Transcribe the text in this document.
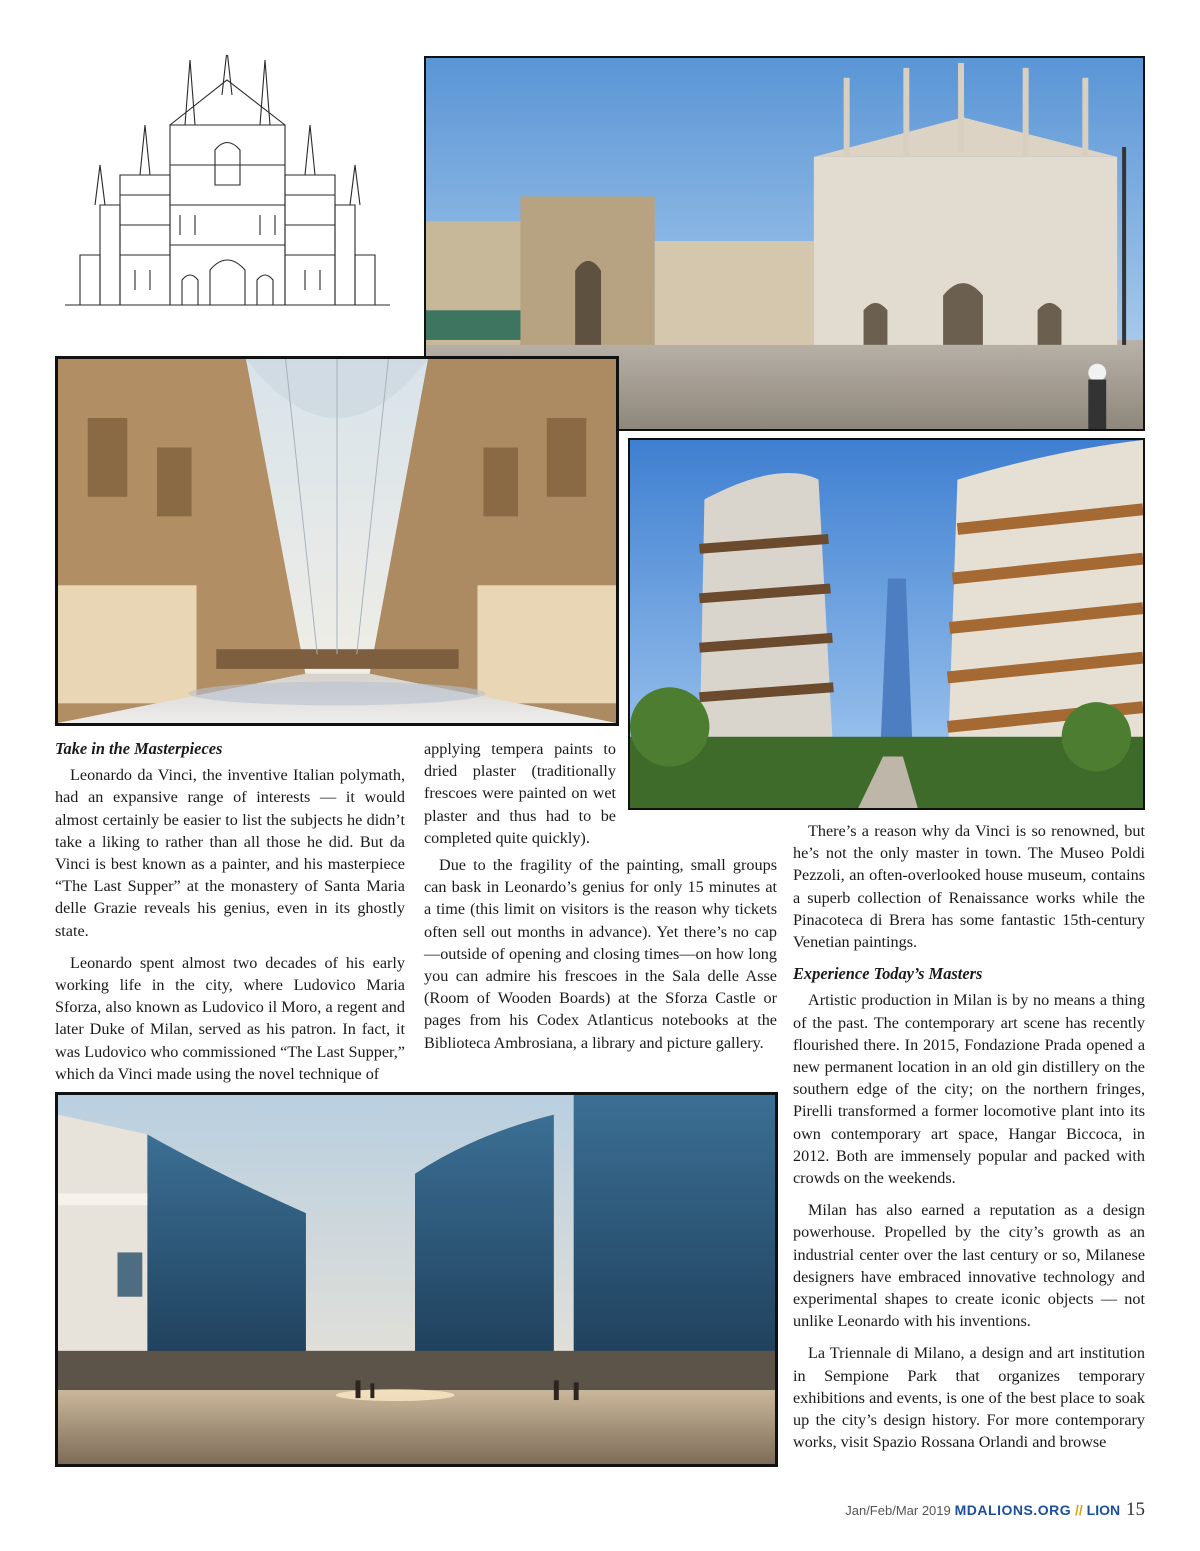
Take in the Masterpieces

Leonardo da Vinci, the inventive Italian polymath, had an expansive range of interests — it would almost certainly be easier to list the subjects he didn’t take a liking to rather than all those he did. But da Vinci is best known as a painter, and his masterpiece “The Last Supper” at the monastery of Santa Maria delle Grazie reveals his genius, even in its ghostly state.

Leonardo spent almost two decades of his early working life in the city, where Ludovico Maria Sforza, also known as Ludovico il Moro, a regent and later Duke of Milan, served as his patron. In fact, it was Ludovico who commissioned “The Last Supper,” which da Vinci made using the novel technique of

applying tempera paints to dried plaster (traditionally frescoes were painted on wet plaster and thus had to be completed quite quickly).

Due to the fragility of the painting, small groups can bask in Leonardo’s genius for only 15 minutes at a time (this limit on visitors is the reason why tickets often sell out months in advance). Yet there’s no cap—outside of opening and closing times—on how long you can admire his frescoes in the Sala delle Asse (Room of Wooden Boards) at the Sforza Castle or pages from his Codex Atlanticus notebooks at the Biblioteca Ambrosiana, a library and picture gallery.

There’s a reason why da Vinci is so renowned, but he’s not the only master in town. The Museo Poldi Pezzoli, an often-overlooked house museum, contains a superb collection of Renaissance works while the Pinacoteca di Brera has some fantastic 15th-century Venetian paintings.

Experience Today’s Masters

Artistic production in Milan is by no means a thing of the past. The contemporary art scene has recently flourished there. In 2015, Fondazione Prada opened a new permanent location in an old gin distillery on the southern edge of the city; on the northern fringes, Pirelli transformed a former locomotive plant into its own contemporary art space, Hangar Biccoca, in 2012. Both are immensely popular and packed with crowds on the weekends.

Milan has also earned a reputation as a design powerhouse. Propelled by the city’s growth as an industrial center over the last century or so, Milanese designers have embraced innovative technology and experimental shapes to create iconic objects — not unlike Leonardo with his inventions.

La Triennale di Milano, a design and art institution in Sempione Park that organizes temporary exhibitions and events, is one of the best place to soak up the city’s design history. For more contemporary works, visit Spazio Rossana Orlandi and browse

Jan/Feb/Mar 2019 MDALIONS.ORG // LION 15
